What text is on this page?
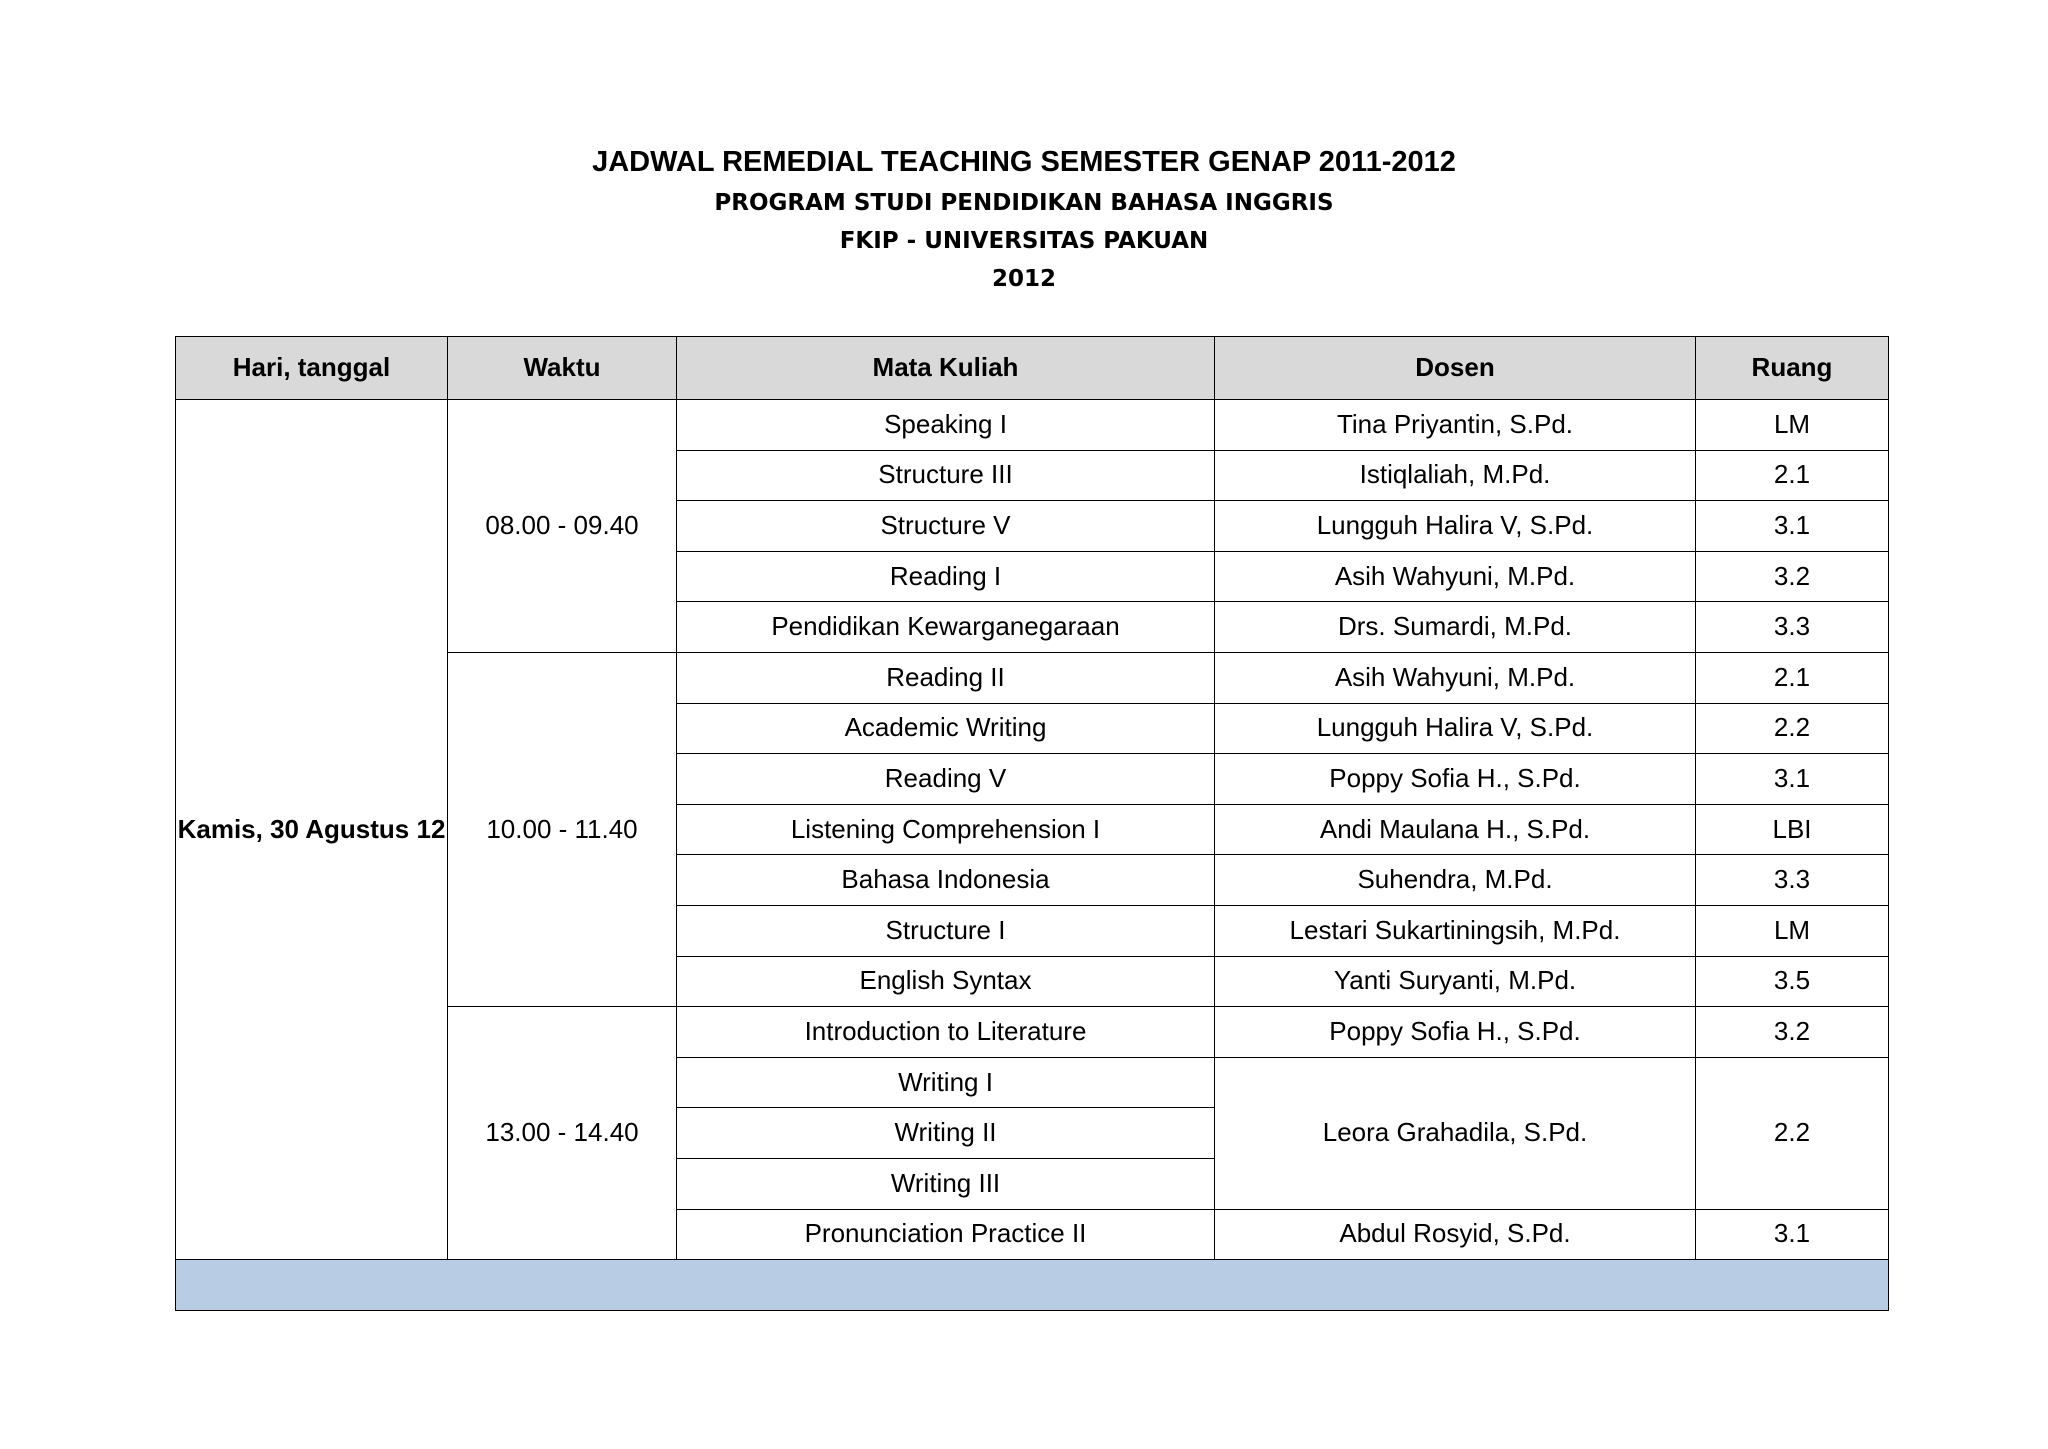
JADWAL REMEDIAL TEACHING SEMESTER GENAP 2011-2012
PROGRAM STUDI PENDIDIKAN BAHASA INGGRIS
FKIP - UNIVERSITAS PAKUAN
2012
Hari, tanggal	Waktu	Mata Kuliah	Dosen	Ruang
Kamis, 30 Agustus 12	08.00 - 09.40	Speaking I	Tina Priyantin, S.Pd.	LM
		Structure III	Istiqlaliah, M.Pd.	2.1
		Structure V	Lungguh Halira V, S.Pd.	3.1
		Reading I	Asih Wahyuni, M.Pd.	3.2
		Pendidikan Kewarganegaraan	Drs. Sumardi, M.Pd.	3.3
	10.00 - 11.40	Reading II	Asih Wahyuni, M.Pd.	2.1
		Academic Writing	Lungguh Halira V, S.Pd.	2.2
		Reading V	Poppy Sofia H., S.Pd.	3.1
		Listening Comprehension I	Andi Maulana H., S.Pd.	LBI
		Bahasa Indonesia	Suhendra, M.Pd.	3.3
		Structure I	Lestari Sukartiningsih, M.Pd.	LM
		English Syntax	Yanti Suryanti, M.Pd.	3.5
	13.00 - 14.40	Introduction to Literature	Poppy Sofia H., S.Pd.	3.2
		Writing I	Leora Grahadila, S.Pd.	2.2
		Writing II		
		Writing III		
		Pronunciation Practice II	Abdul Rosyid, S.Pd.	3.1
